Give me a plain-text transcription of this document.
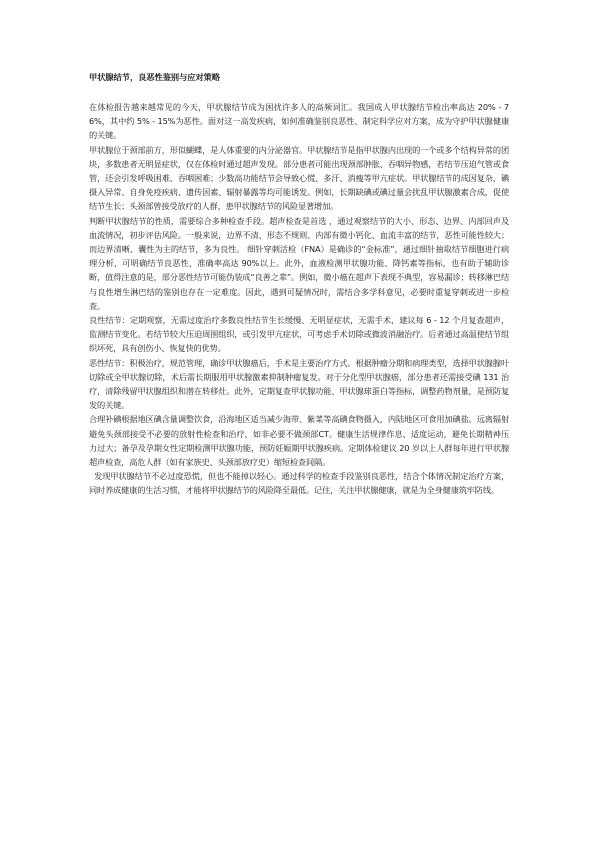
甲状腺结节，良恶性鉴别与应对策略

在体检报告越来越常见的今天，甲状腺结节成为困扰许多人的高频词汇。我国成人甲状腺结节检出率高达 20% - 76%，其中约 5% - 15%为恶性。面对这一高发疾病，如何准确鉴别良恶性、制定科学应对方案，成为守护甲状腺健康的关键。

甲状腺位于颈部前方，形似蝴蝶，是人体重要的内分泌器官。甲状腺结节是指甲状腺内出现的一个或多个结构异常的团块，多数患者无明显症状，仅在体检时通过超声发现。部分患者可能出现颈部肿胀、吞咽异物感，若结节压迫气管或食管，还会引发呼吸困难、吞咽困难；少数高功能结节会导致心慌、多汗、消瘦等甲亢症状。甲状腺结节的成因复杂，碘摄入异常、自身免疫疾病、遗传因素、辐射暴露等均可能诱发。例如，长期缺碘或碘过量会扰乱甲状腺激素合成，促使结节生长；头颈部曾接受放疗的人群，患甲状腺结节的风险显著增加。

判断甲状腺结节的性质，需要综合多种检查手段。超声检查是首选 ，通过观察结节的大小、形态、边界、内部回声及血流情况，初步评估风险。一般来说，边界不清、形态不规则、内部有微小钙化、血流丰富的结节，恶性可能性较大；而边界清晰、囊性为主的结节，多为良性。 细针穿刺活检（FNA）是确诊的“金标准”，通过细针抽取结节细胞进行病理分析，可明确结节良恶性，准确率高达 90%以上。此外，血液检测甲状腺功能、降钙素等指标，也有助于辅助诊断，值得注意的是，部分恶性结节可能伪装成“良善之辈”。例如，微小癌在超声下表现不典型，容易漏诊；转移淋巴结与良性增生淋巴结的鉴别也存在一定难度。因此，遇到可疑情况时，需结合多学科意见，必要时重复穿刺或进一步检查。

良性结节：定期观察，无需过度治疗多数良性结节生长缓慢、无明显症状，无需手术，建议每 6 - 12 个月复查超声，监测结节变化。若结节较大压迫周围组织，或引发甲亢症状，可考虑手术切除或微波消融治疗。后者通过高温使结节组织坏死，具有创伤小、恢复快的优势。

恶性结节：积极治疗，规范管理，确诊甲状腺癌后，手术是主要治疗方式。根据肿瘤分期和病理类型，选择甲状腺腺叶切除或全甲状腺切除，术后需长期服用甲状腺激素抑制肿瘤复发。对于分化型甲状腺癌，部分患者还需接受碘 131 治疗，清除残留甲状腺组织和潜在转移灶。此外，定期复查甲状腺功能、甲状腺球蛋白等指标，调整药物剂量，是预防复发的关键。

合理补碘根据地区碘含量调整饮食，沿海地区适当减少海带、紫菜等高碘食物摄入，内陆地区可食用加碘盐。远离辐射避免头颈部接受不必要的放射性检查和治疗，如非必要不做颈部CT。健康生活规律作息、适度运动，避免长期精神压力过大；备孕及孕期女性定期检测甲状腺功能，预防妊娠期甲状腺疾病。定期体检建议 20 岁以上人群每年进行甲状腺超声检查，高危人群（如有家族史、头颈部放疗史）缩短检查间隔。

发现甲状腺结节不必过度恐慌，但也不能掉以轻心。通过科学的检查手段鉴别良恶性，结合个体情况制定治疗方案，同时养成健康的生活习惯，才能将甲状腺结节的风险降至最低。记住，关注甲状腺健康，就是为全身健康筑牢防线。
